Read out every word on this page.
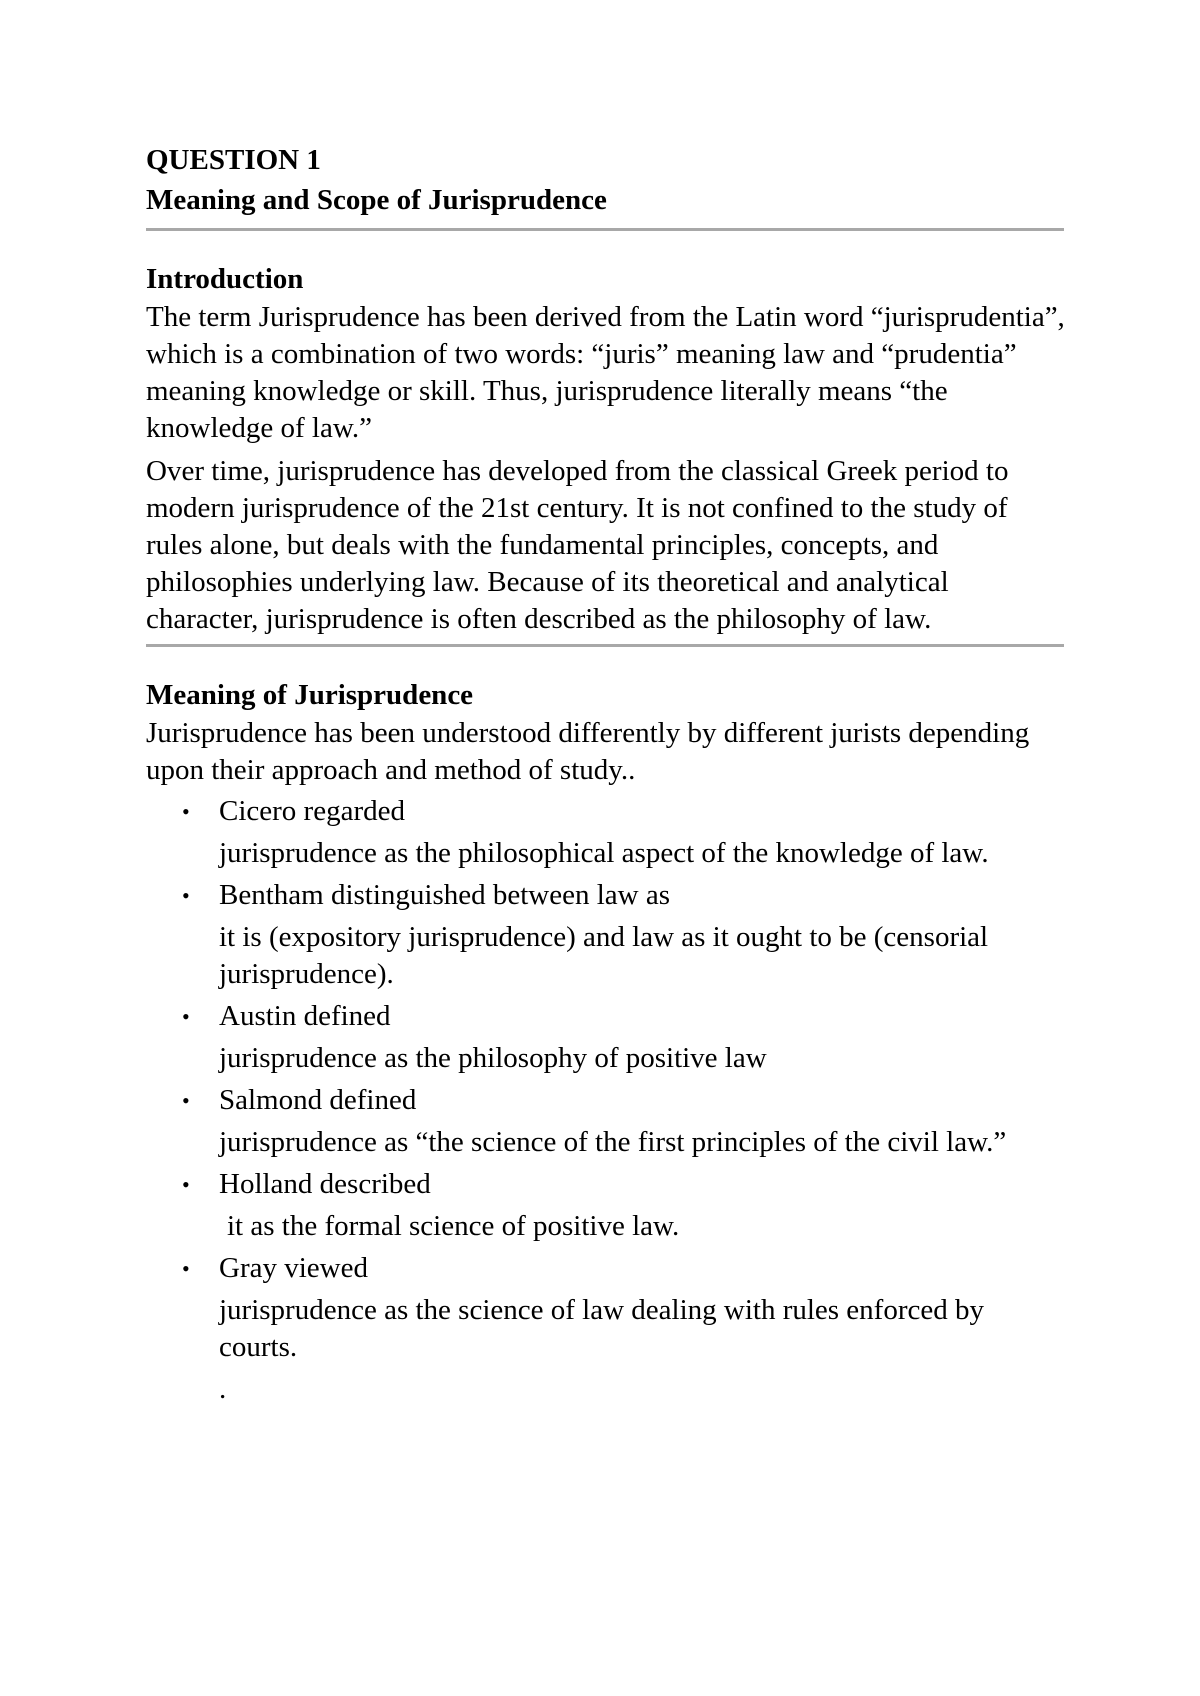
QUESTION 1
Meaning and Scope of Jurisprudence
Introduction

The term Jurisprudence has been derived from the Latin word “jurisprudentia”, which is a combination of two words: “juris” meaning law and “prudentia” meaning knowledge or skill. Thus, jurisprudence literally means “the knowledge of law.”

Over time, jurisprudence has developed from the classical Greek period to modern jurisprudence of the 21st century. It is not confined to the study of rules alone, but deals with the fundamental principles, concepts, and philosophies underlying law. Because of its theoretical and analytical character, jurisprudence is often described as the philosophy of law.

Meaning of Jurisprudence

Jurisprudence has been understood differently by different jurists depending upon their approach and method of study..

• Cicero regarded
jurisprudence as the philosophical aspect of the knowledge of law.
• Bentham distinguished between law as
it is (expository jurisprudence) and law as it ought to be (censorial jurisprudence).
• Austin defined
jurisprudence as the philosophy of positive law
• Salmond defined
jurisprudence as “the science of the first principles of the civil law.”
• Holland described
it as the formal science of positive law.
• Gray viewed
jurisprudence as the science of law dealing with rules enforced by courts.
.
